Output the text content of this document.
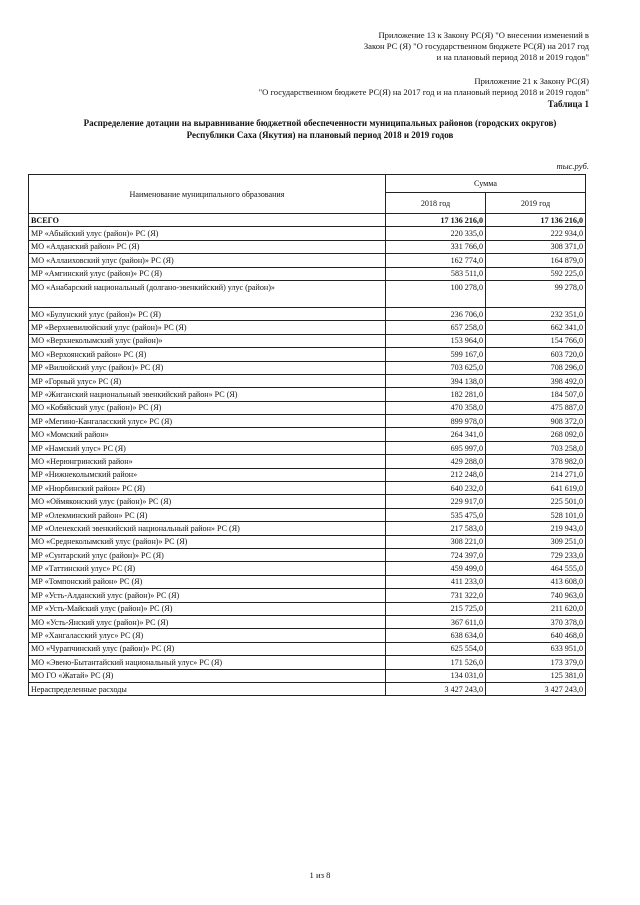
Приложение 13 к Закону РС(Я) "О внесении изменений в
Закон РС (Я) "О государственном бюджете РС(Я) на 2017 год
и на плановый период 2018 и 2019 годов"
Приложение 21 к Закону РС(Я)
"О государственном бюджете РС(Я) на 2017 год и на плановый период 2018 и 2019 годов"
Таблица 1
Распределение дотации на выравнивание бюджетной обеспеченности муниципальных районов (городских округов)
Республики Саха (Якутия) на плановый период 2018 и 2019 годов
тыс.руб.
Наименование муниципального образования	Сумма	
	2018 год	2019 год
ВСЕГО	17 136 216,0	17 136 216,0
МР «Абыйский улус (район)» РС (Я)	220 335,0	222 934,0
МО «Алданский район» РС (Я)	331 766,0	308 371,0
МО «Аллаиховский улус (район)» РС (Я)	162 774,0	164 879,0
МР «Амгинский улус (район)» РС (Я)	583 511,0	592 225,0
МО «Анабарский национальный (долгано-эвенкийский) улус (район)»	100 278,0	99 278,0
МО «Булунский улус (район)» РС (Я)	236 706,0	232 351,0
МР «Верхневилюйский улус (район)» РС (Я)	657 258,0	662 341,0
МО «Верхнеколымский улус (район)»	153 964,0	154 766,0
МО «Верхоянский район» РС (Я)	599 167,0	603 720,0
МР «Вилюйский улус (район)» РС (Я)	703 625,0	708 296,0
МР «Горный улус» РС (Я)	394 138,0	398 492,0
МР «Жиганский национальный эвенкийский район» РС (Я)	182 281,0	184 507,0
МО «Кобяйский улус (район)» РС (Я)	470 358,0	475 887,0
МР «Мегино-Кангаласский улус» РС (Я)	899 978,0	908 372,0
МО «Момский район»	264 341,0	268 092,0
МР «Намский улус» РС (Я)	695 997,0	703 258,0
МО «Нерюнгринский район»	429 288,0	378 982,0
МР «Нижнеколымский район»	212 248,0	214 271,0
МР «Нюрбинский район» РС (Я)	640 232,0	641 619,0
МО «Оймяконский улус (район)» РС (Я)	229 917,0	225 501,0
МР «Олекминский район» РС (Я)	535 475,0	528 101,0
МР «Оленекский эвенкийский национальный район» РС (Я)	217 583,0	219 943,0
МО «Среднеколымский улус (район)» РС (Я)	308 221,0	309 251,0
МР «Сунтарский улус (район)» РС (Я)	724 397,0	729 233,0
МР «Таттинский улус» РС (Я)	459 499,0	464 555,0
МР «Томпонский район» РС (Я)	411 233,0	413 608,0
МР «Усть-Алданский улус (район)» РС (Я)	731 322,0	740 963,0
МР «Усть-Майский улус (район)» РС (Я)	215 725,0	211 620,0
МО «Усть-Янский улус (район)» РС (Я)	367 611,0	370 378,0
МР «Хангаласский улус» РС (Я)	638 634,0	640 468,0
МО «Чурапчинский улус (район)» РС (Я)	625 554,0	633 951,0
МО «Эвено-Бытантайский национальный улус» РС (Я)	171 526,0	173 379,0
МО ГО «Жатай» РС (Я)	134 031,0	125 381,0
Нераспределенные расходы	3 427 243,0	3 427 243,0
1 из 8
